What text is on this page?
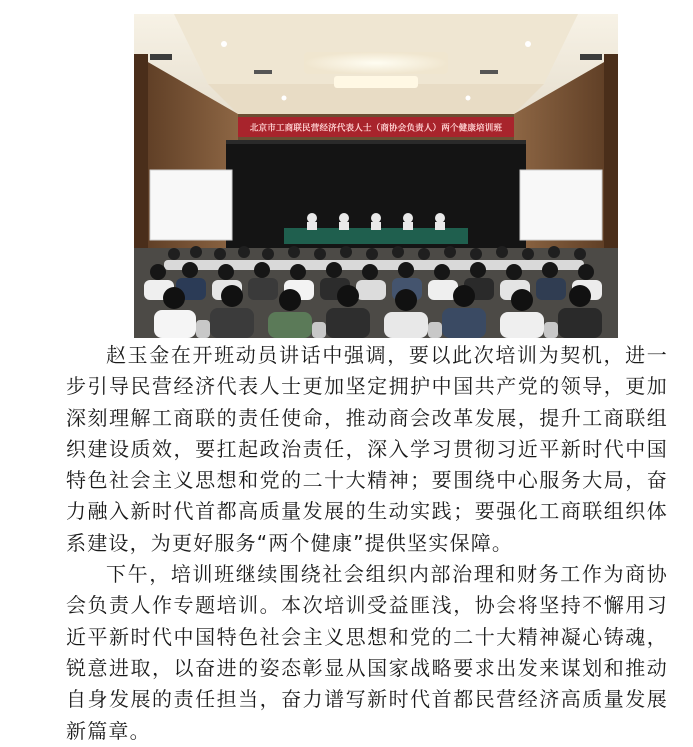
北京市工商联民营经济代表人士（商协会负责人）两个健康培训班

赵玉金在开班动员讲话中强调，要以此次培训为契机，进一步引导民营经济代表人士更加坚定拥护中国共产党的领导，更加深刻理解工商联的责任使命，推动商会改革发展，提升工商联组织建设质效，要扛起政治责任，深入学习贯彻习近平新时代中国特色社会主义思想和党的二十大精神；要围绕中心服务大局，奋力融入新时代首都高质量发展的生动实践；要强化工商联组织体系建设，为更好服务“两个健康”提供坚实保障。

下午，培训班继续围绕社会组织内部治理和财务工作为商协会负责人作专题培训。本次培训受益匪浅，协会将坚持不懈用习近平新时代中国特色社会主义思想和党的二十大精神凝心铸魂，锐意进取，以奋进的姿态彰显从国家战略要求出发来谋划和推动自身发展的责任担当，奋力谱写新时代首都民营经济高质量发展新篇章。
